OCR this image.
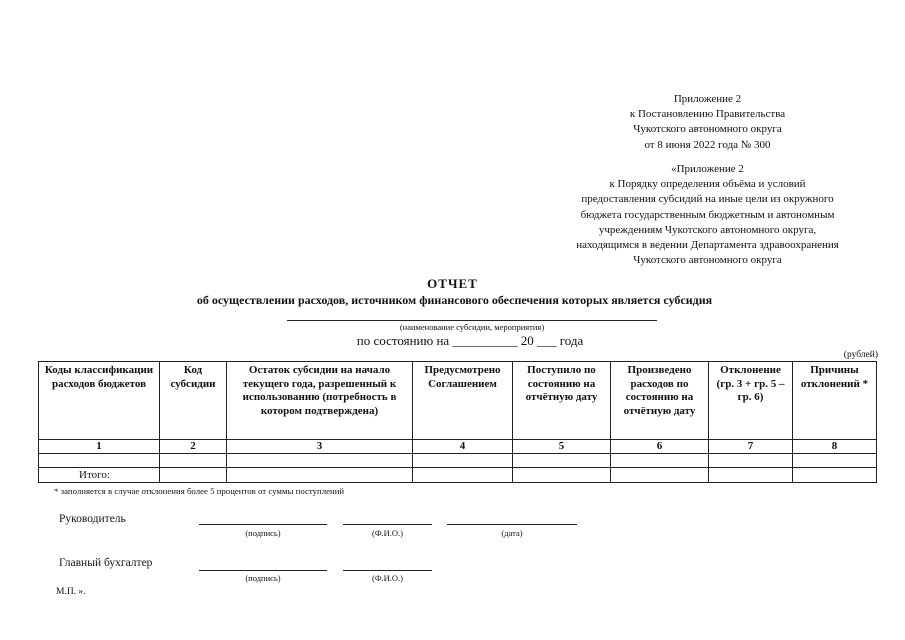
Приложение 2
к Постановлению Правительства
Чукотского автономного округа
от 8 июня 2022 года № 300
«Приложение 2
к Порядку определения объёма и условий
предоставления субсидий на иные цели из окружного
бюджета государственным бюджетным и автономным
учреждениям Чукотского автономного округа,
находящимся в ведении Департамента здравоохранения
Чукотского автономного округа
ОТЧЕТ
об осуществлении расходов, источником финансового обеспечения которых является субсидия
(наименование субсидии, мероприятия)
по состоянию на __________ 20 ___ года
(рублей)
Коды классификации расходов бюджетов	Код субсидии	Остаток субсидии на начало текущего года, разрешенный к использованию (потребность в котором подтверждена)	Предусмотрено Соглашением	Поступило по состоянию на отчётную дату	Произведено расходов по состоянию на отчётную дату	Отклонение (гр. 3 + гр. 5 – гр. 6)	Причины отклонений *
1	2	3	4	5	6	7	8

Итого:							
* заполняется в случае отклонения более 5 процентов от суммы поступлений
Руководитель
(подпись)	(Ф.И.О.)	(дата)
Главный бухгалтер
(подпись)	(Ф.И.О.)
М.П. ».
